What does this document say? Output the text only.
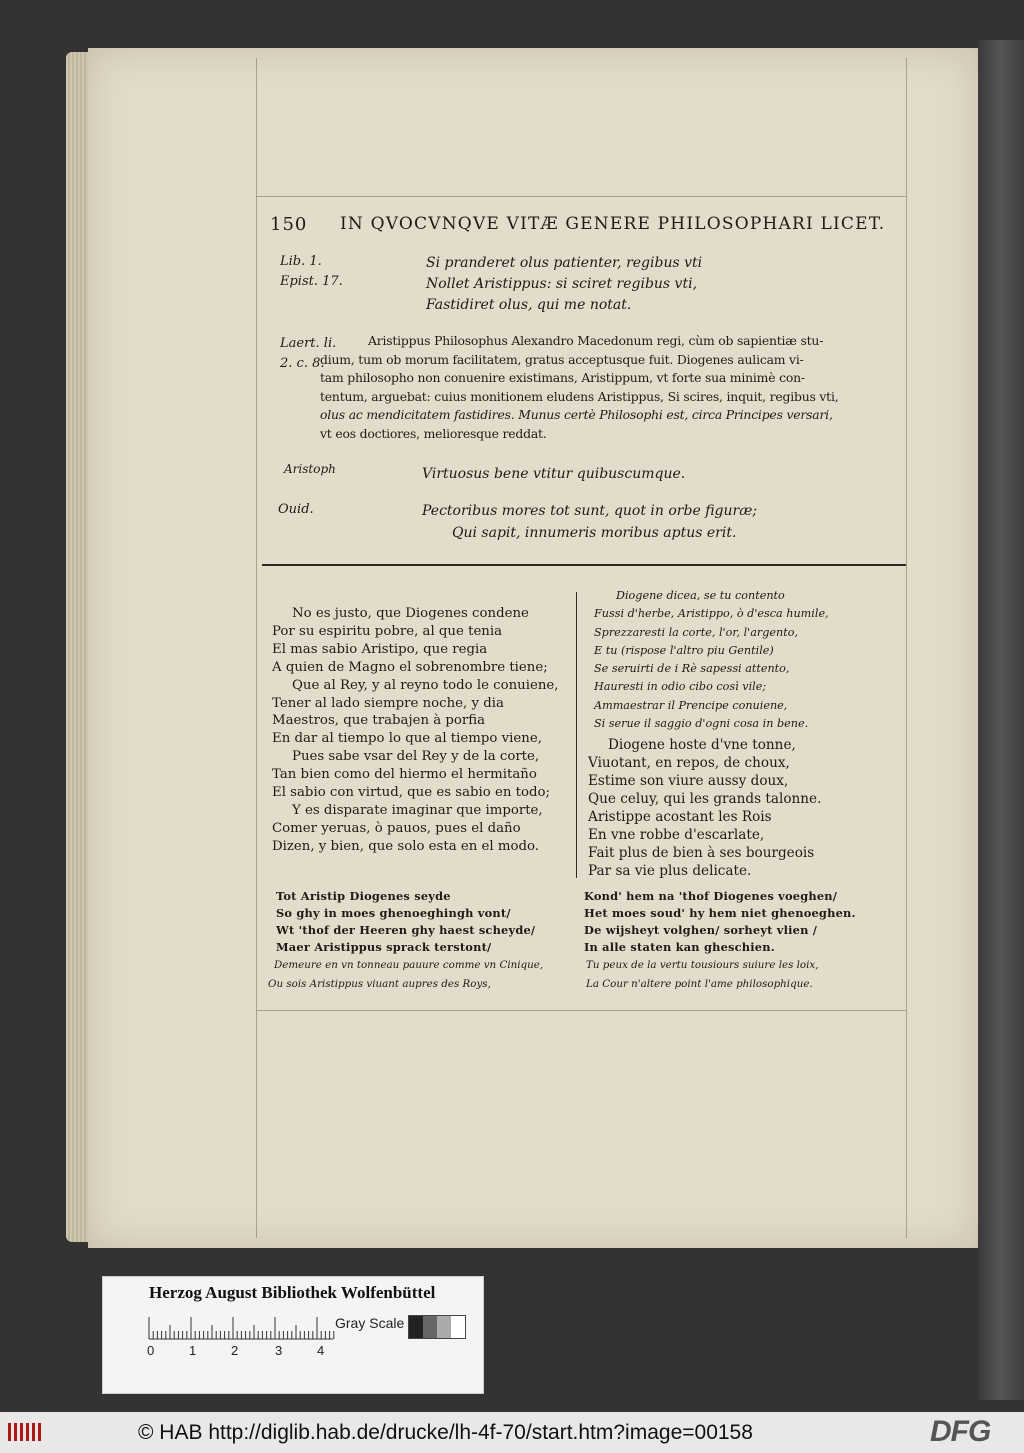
150 IN QVOCVNQVE VITÆ GENERE PHILOSOPHARI LICET.
Lib. 1.
Epist. 17.
Si pranderet olus patienter, regibus vti
Nollet Aristippus: si sciret regibus vti,
Fastidiret olus, qui me notat.
Laert. li.
2. c. 8.
Aristippus Philosophus Alexandro Macedonum regi, cùm ob sapientiæ stu-
dium, tum ob morum facilitatem, gratus acceptusque fuit. Diogenes aulicam vi-
tam philosopho non conuenire existimans, Aristippum, vt forte sua minimè con-
tentum, arguebat: cuius monitionem eludens Aristippus, Si scires, inquit, regibus vti,
olus ac mendicitatem fastidires. Munus certè Philosophi est, circa Principes versari,
vt eos doctiores, melioresque reddat.
Aristoph	Virtuosus bene vtitur quibuscumque.
Ouid.	Pectoribus mores tot sunt, quot in orbe figuræ;
Qui sapit, innumeris moribus aptus erit.
No es justo, que Diogenes condene
Por su espiritu pobre, al que tenia
El mas sabio Aristipo, que regia
A quien de Magno el sobrenombre tiene;
Que al Rey, y al reyno todo le conuiene,
Tener al lado siempre noche, y dia
Maestros, que trabajen à porfia
En dar al tiempo lo que al tiempo viene,
Pues sabe vsar del Rey y de la corte,
Tan bien como del hiermo el hermitaño
El sabio con virtud, que es sabio en todo;
Y es disparate imaginar que importe,
Comer yeruas, ò pauos, pues el daño
Dizen, y bien, que solo esta en el modo.
Diogene dicea, se tu contento
Fussi d'herbe, Aristippo, ò d'esca humile,
Sprezzaresti la corte, l'or, l'argento,
E tu (rispose l'altro piu Gentile)
Se seruirti de i Rè sapessi attento,
Hauresti in odio cibo così vile;
Ammaestrar il Prencipe conuiene,
Si serue il saggio d'ogni cosa in bene.
Diogene hoste d'vne tonne,
Viuotant, en repos, de choux,
Estime son viure aussy doux,
Que celuy, qui les grands talonne.
Aristippe acostant les Rois
En vne robbe d'escarlate,
Fait plus de bien à ses bourgeois
Par sa vie plus delicate.
Tot Aristip Diogenes seyde
So ghy in moes ghenoeghingh vont/
Wt 'thof der Heeren ghy haest scheyde/
Maer Aristippus sprack terstont/
Kond' hem na 'thof Diogenes voeghen/
Het moes soud' hy hem niet ghenoeghen.
De wijsheyt volghen/ sorheyt vlien /
In alle staten kan gheschien.
Demeure en vn tonneau pauure comme vn Cinique,
Ou sois Aristippus viuant aupres des Roys,
Tu peux de la vertu tousiours suiure les loix,
La Cour n'altere point l'ame philosophique.
Herzog August Bibliothek Wolfenbüttel
Gray Scale
0	1	2	3	4
© HAB http://diglib.hab.de/drucke/lh-4f-70/start.htm?image=00158	DFG
